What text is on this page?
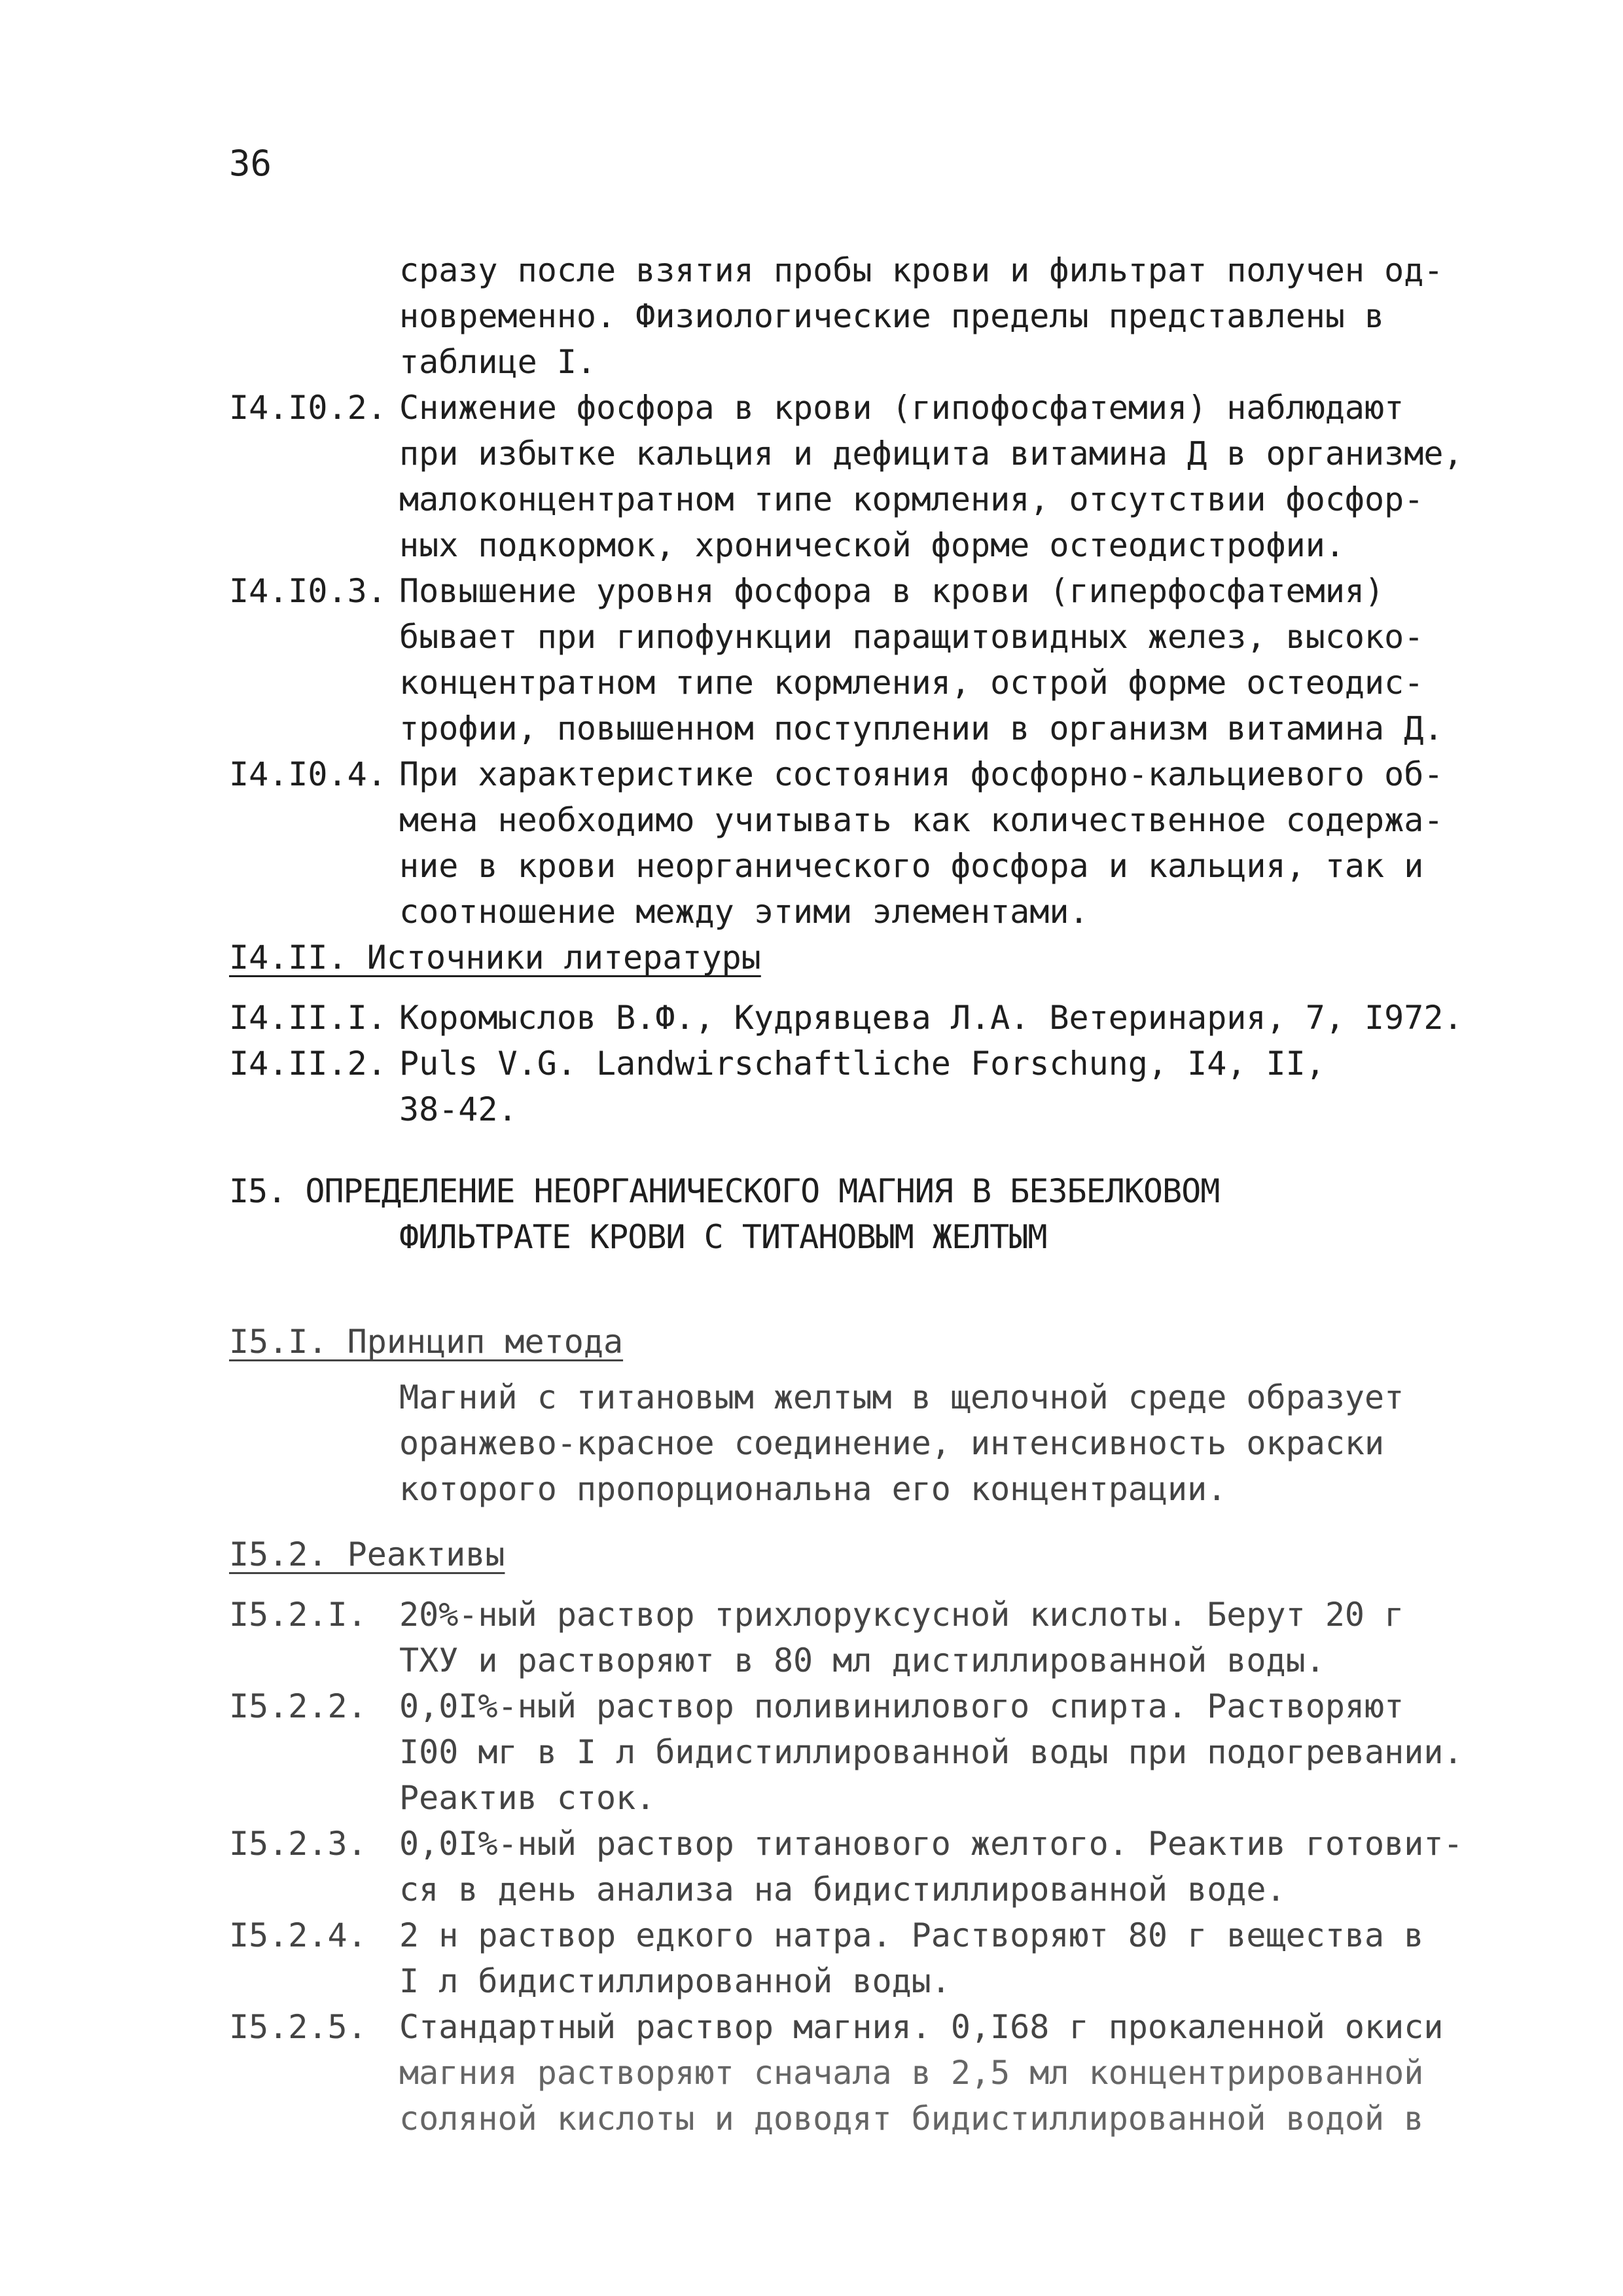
36
сразу после взятия пробы крови и фильтрат получен од-
новременно. Физиологические пределы представлены в
таблице I.
I4.I0.2. Снижение фосфора в крови (гипофосфатемия) наблюдают
при избытке кальция и дефицита витамина Д в организме,
малоконцентратном типе кормления, отсутствии фосфор-
ных подкормок, хронической форме остеодистрофии.
I4.I0.3. Повышение уровня фосфора в крови (гиперфосфатемия)
бывает при гипофункции паращитовидных желез, высоко-
концентратном типе кормления, острой форме остеодис-
трофии, повышенном поступлении в организм витамина Д.
I4.I0.4. При характеристике состояния фосфорно-кальциевого об-
мена необходимо учитывать как количественное содержа-
ние в крови неорганического фосфора и кальция, так и
соотношение между этими элементами.
I4.II. Источники литературы
I4.II.I. Коромыслов В.Ф., Кудрявцева Л.А. Ветеринария, 7, I972.
I4.II.2. Puls V.G. Landwirschaftliche Forschung, I4, II,
38-42.
I5. ОПРЕДЕЛЕНИЕ НЕОРГАНИЧЕСКОГО МАГНИЯ В БЕЗБЕЛКОВОМ
ФИЛЬТРАТЕ КРОВИ С ТИТАНОВЫМ ЖЕЛТЫМ
I5.I. Принцип метода
Магний с титановым желтым в щелочной среде образует
оранжево-красное соединение, интенсивность окраски
которого пропорциональна его концентрации.
I5.2. Реактивы
I5.2.I. 20%-ный раствор трихлоруксусной кислоты. Берут 20 г
ТХУ и растворяют в 80 мл дистиллированной воды.
I5.2.2. 0,0I%-ный раствор поливинилового спирта. Растворяют
I00 мг в I л бидистиллированной воды при подогревании.
Реактив сток.
I5.2.3. 0,0I%-ный раствор титанового желтого. Реактив готовит-
ся в день анализа на бидистиллированной воде.
I5.2.4. 2 н раствор едкого натра. Растворяют 80 г вещества в
I л бидистиллированной воды.
I5.2.5. Стандартный раствор магния. 0,I68 г прокаленной окиси
магния растворяют сначала в 2,5 мл концентрированной
соляной кислоты и доводят бидистиллированной водой в
